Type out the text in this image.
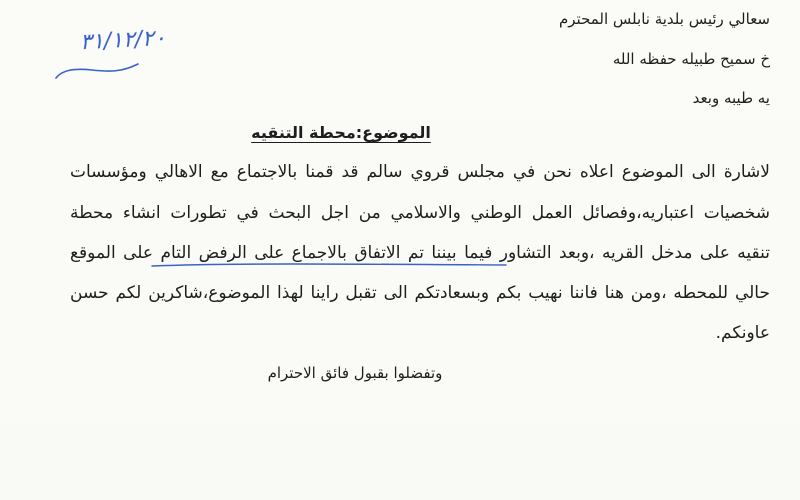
٣١/١٢/٢٠
سعالي رئيس بلدية نابلس المحترم
خ سميح طبيله حفظه الله
يه طيبه وبعد
الموضوع:محطة التنقيه
لاشارة الى الموضوع اعلاه نحن في مجلس قروي سالم قد قمنا بالاجتماع مع الاهالي ومؤسسات
شخصيات اعتباريه،وفصائل العمل الوطني والاسلامي من اجل البحث في تطورات انشاء محطة
تنقيه على مدخل القريه ،وبعد التشاور فيما بيننا تم الاتفاق بالاجماع على الرفض التام على الموقع
حالي للمحطه ،ومن هنا فاننا نهيب بكم وبسعادتكم الى تقبل راينا لهذا الموضوع،شاكرين لكم حسن
عاونكم.
وتفضلوا بقبول فائق الاحترام
